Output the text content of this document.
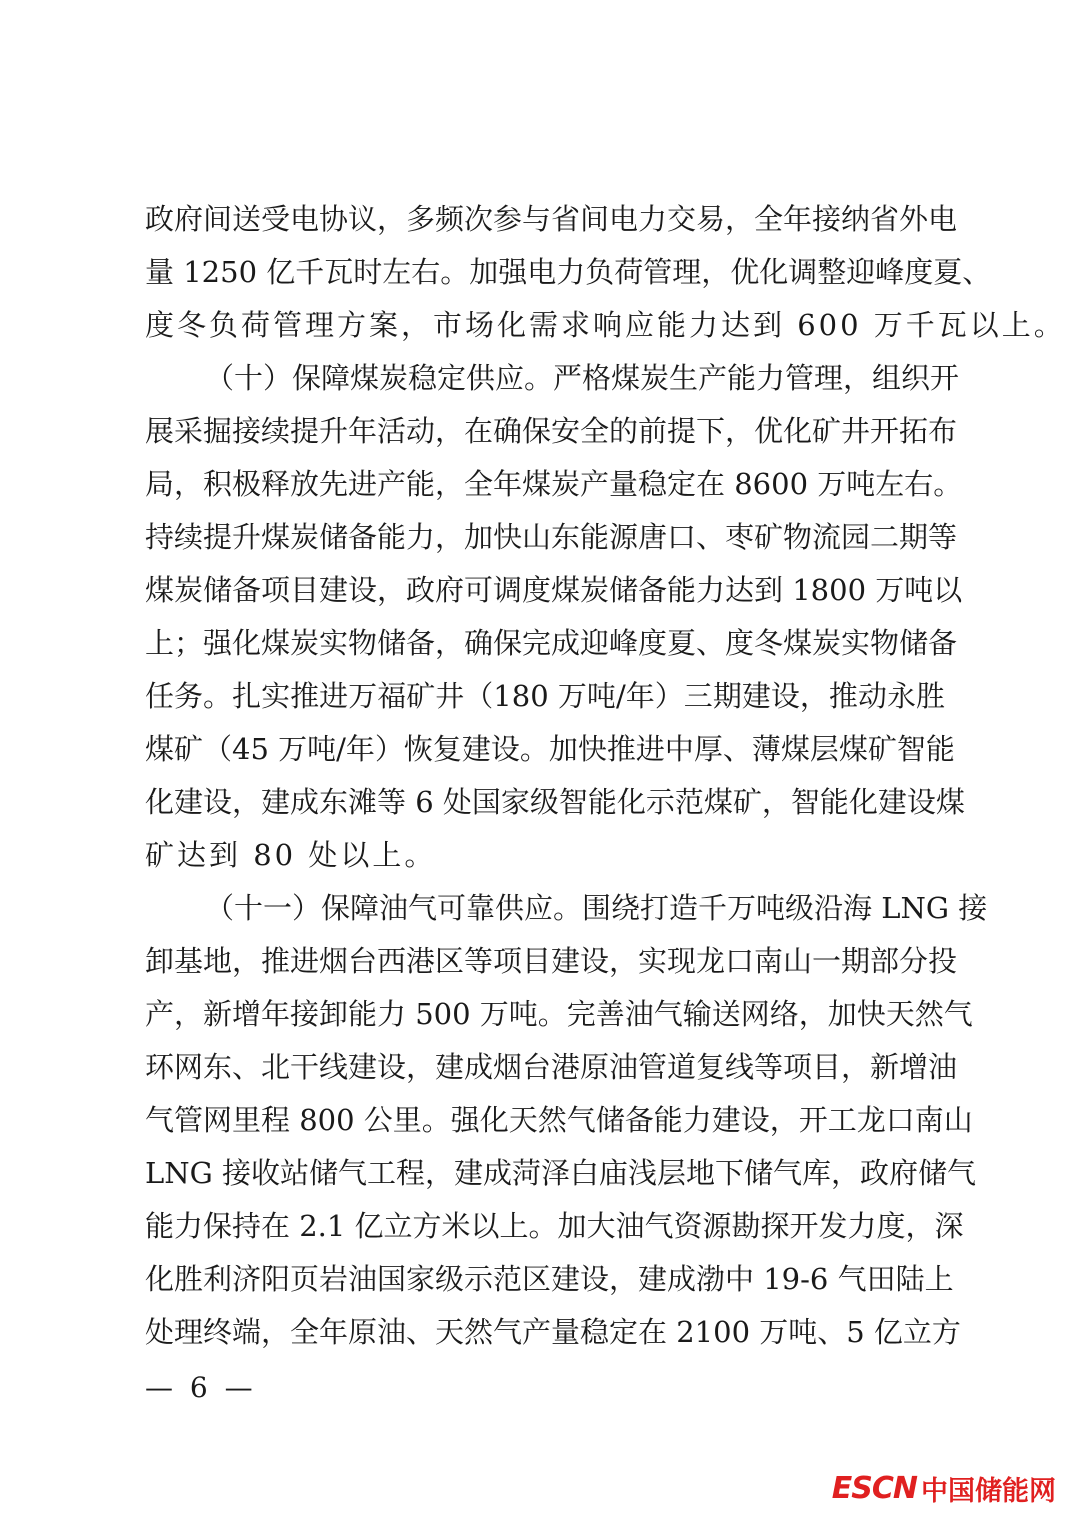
政府间送受电协议，多频次参与省间电力交易，全年接纳省外电
量 1250 亿千瓦时左右。加强电力负荷管理，优化调整迎峰度夏、
度冬负荷管理方案，市场化需求响应能力达到 600 万千瓦以上。
（十）保障煤炭稳定供应。严格煤炭生产能力管理，组织开
展采掘接续提升年活动，在确保安全的前提下，优化矿井开拓布
局，积极释放先进产能，全年煤炭产量稳定在 8600 万吨左右。
持续提升煤炭储备能力，加快山东能源唐口、枣矿物流园二期等
煤炭储备项目建设，政府可调度煤炭储备能力达到 1800 万吨以
上；强化煤炭实物储备，确保完成迎峰度夏、度冬煤炭实物储备
任务。扎实推进万福矿井（180 万吨/年）三期建设，推动永胜
煤矿（45 万吨/年）恢复建设。加快推进中厚、薄煤层煤矿智能
化建设，建成东滩等 6 处国家级智能化示范煤矿，智能化建设煤
矿达到 80 处以上。
（十一）保障油气可靠供应。围绕打造千万吨级沿海 LNG 接
卸基地，推进烟台西港区等项目建设，实现龙口南山一期部分投
产，新增年接卸能力 500 万吨。完善油气输送网络，加快天然气
环网东、北干线建设，建成烟台港原油管道复线等项目，新增油
气管网里程 800 公里。强化天然气储备能力建设，开工龙口南山
LNG 接收站储气工程，建成菏泽白庙浅层地下储气库，政府储气
能力保持在 2.1 亿立方米以上。加大油气资源勘探开发力度，深
化胜利济阳页岩油国家级示范区建设，建成渤中 19-6 气田陆上
处理终端，全年原油、天然气产量稳定在 2100 万吨、5 亿立方
— 6 —
ESCN 中国储能网
